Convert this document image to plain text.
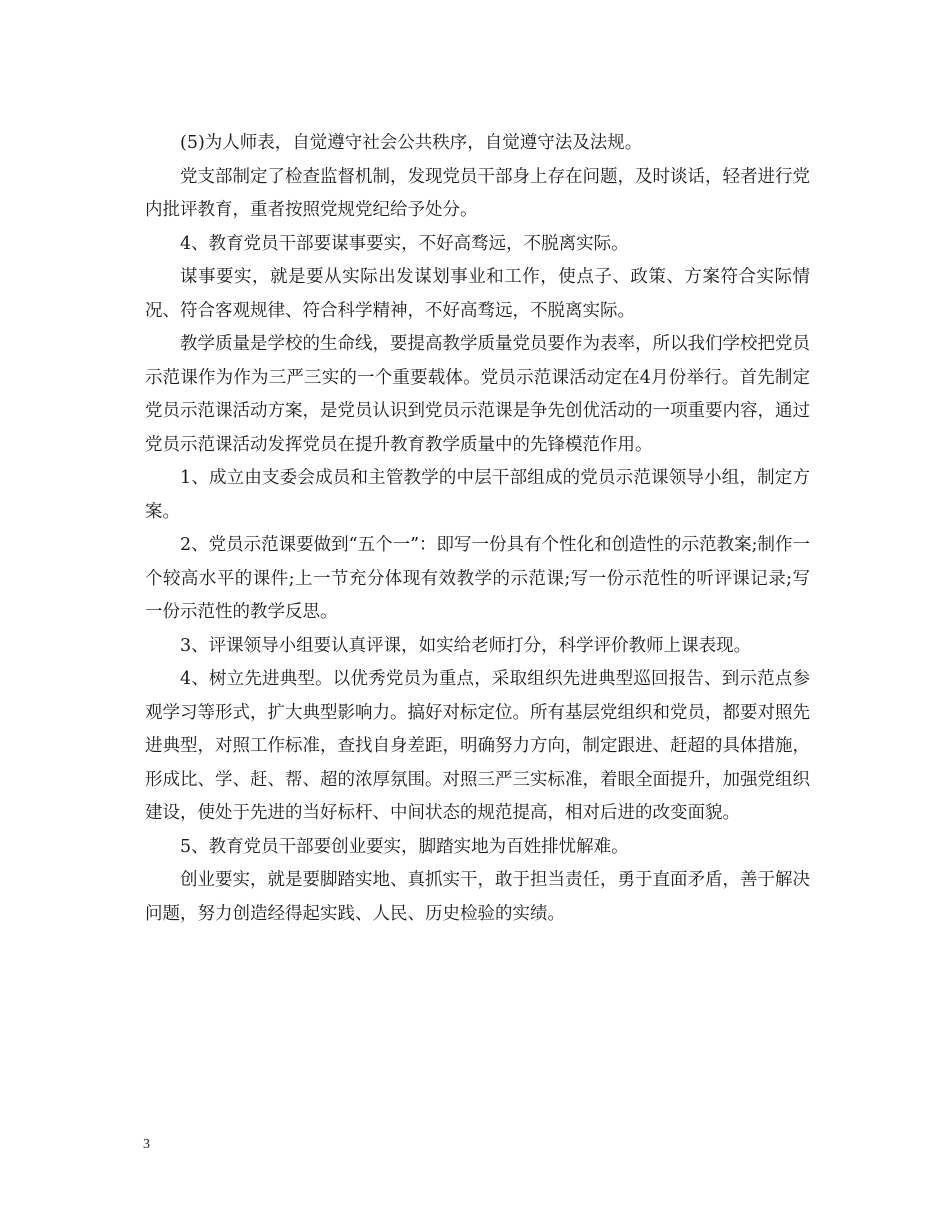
(5)为人师表，自觉遵守社会公共秩序，自觉遵守法及法规。

党支部制定了检查监督机制，发现党员干部身上存在问题，及时谈话，轻者进行党内批评教育，重者按照党规党纪给予处分。

4、教育党员干部要谋事要实，不好高骛远，不脱离实际。

谋事要实，就是要从实际出发谋划事业和工作，使点子、政策、方案符合实际情况、符合客观规律、符合科学精神，不好高骛远，不脱离实际。

教学质量是学校的生命线，要提高教学质量党员要作为表率，所以我们学校把党员示范课作为作为三严三实的一个重要载体。党员示范课活动定在4月份举行。首先制定党员示范课活动方案，是党员认识到党员示范课是争先创优活动的一项重要内容，通过党员示范课活动发挥党员在提升教育教学质量中的先锋模范作用。

1、成立由支委会成员和主管教学的中层干部组成的党员示范课领导小组，制定方案。

2、党员示范课要做到“五个一”：即写一份具有个性化和创造性的示范教案;制作一个较高水平的课件;上一节充分体现有效教学的示范课;写一份示范性的听评课记录;写一份示范性的教学反思。

3、评课领导小组要认真评课，如实给老师打分，科学评价教师上课表现。

4、树立先进典型。以优秀党员为重点，采取组织先进典型巡回报告、到示范点参观学习等形式，扩大典型影响力。搞好对标定位。所有基层党组织和党员，都要对照先进典型，对照工作标准，查找自身差距，明确努力方向，制定跟进、赶超的具体措施，形成比、学、赶、帮、超的浓厚氛围。对照三严三实标准，着眼全面提升，加强党组织建设，使处于先进的当好标杆、中间状态的规范提高，相对后进的改变面貌。

5、教育党员干部要创业要实，脚踏实地为百姓排忧解难。

创业要实，就是要脚踏实地、真抓实干，敢于担当责任，勇于直面矛盾，善于解决问题，努力创造经得起实践、人民、历史检验的实绩。

3
